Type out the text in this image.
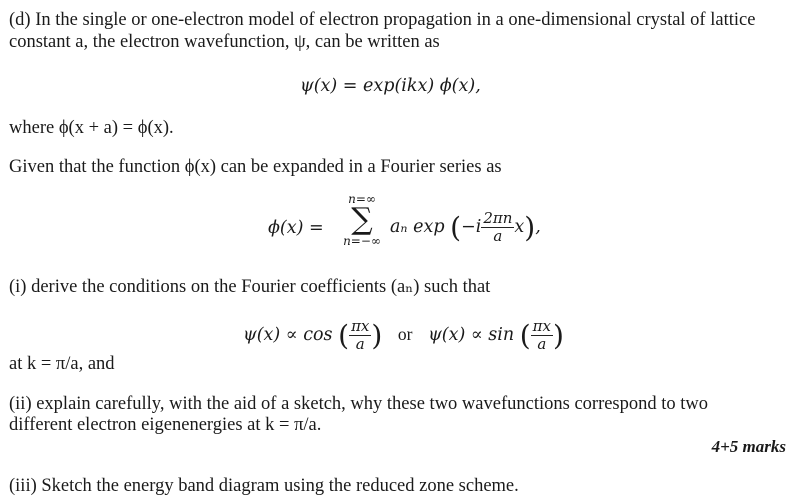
(d) In the single or one-electron model of electron propagation in a one-dimensional crystal of lattice
constant a, the electron wavefunction, ψ, can be written as
ψ(x) = exp(ikx) ϕ(x),
where ϕ(x + a) = ϕ(x).
Given that the function ϕ(x) can be expanded in a Fourier series as
ϕ(x) =
n=∞
∑
n=−∞
aₙ $\exp (-i \frac{2\pi n}{a} x)$,
(i) derive the conditions on the Fourier coefficients (aₙ) such that
ψ(x) ∝ cos ( $\frac{\pi x}{a}$ ) or ψ(x) ∝ sin ( $\frac{\pi x}{a}$ )
at k = π/a, and
(ii) explain carefully, with the aid of a sketch, why these two wavefunctions correspond to two
different electron eigenenergies at k = π/a.
4+5 marks
(iii) Sketch the energy band diagram using the reduced zone scheme.
